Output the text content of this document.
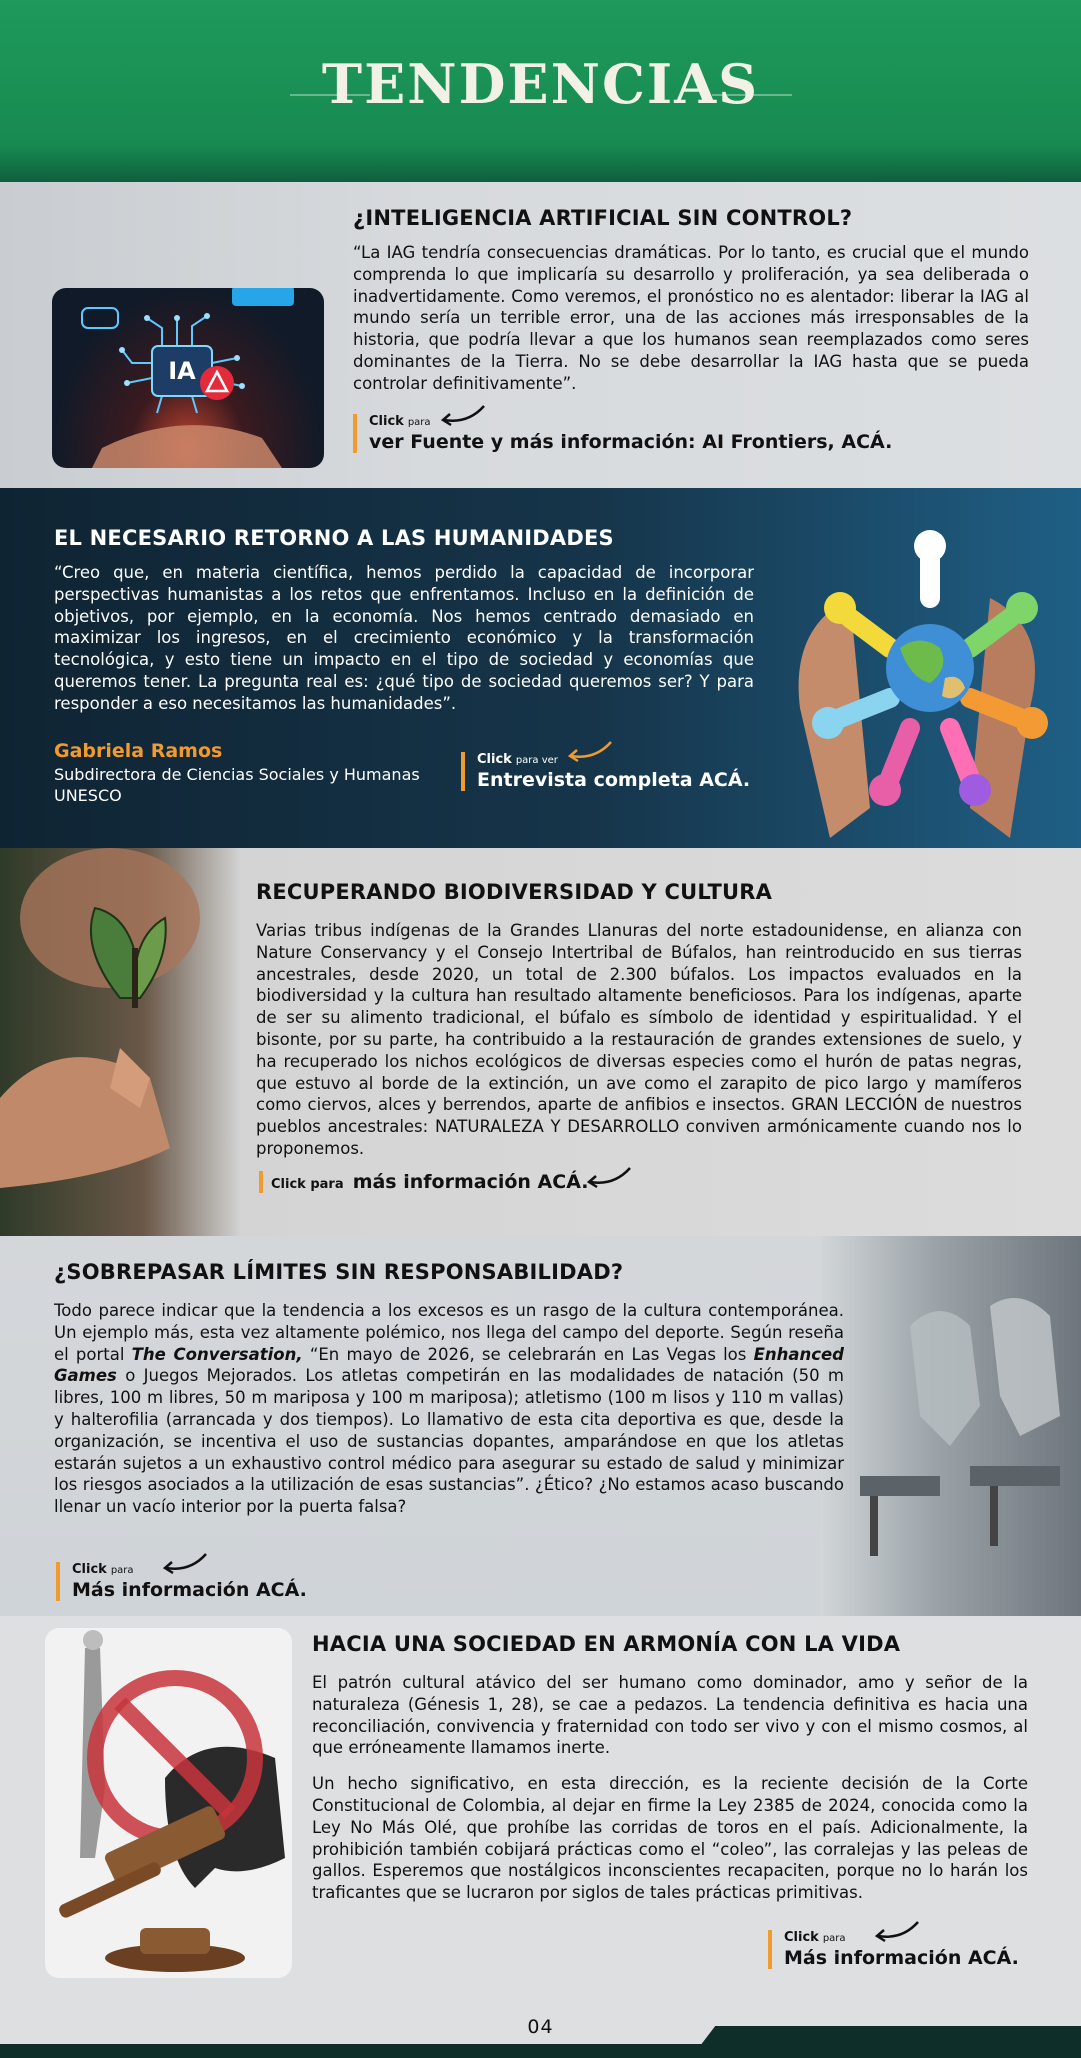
TENDENCIAS
IA
¿INTELIGENCIA ARTIFICIAL SIN CONTROL?

“La IAG tendría consecuencias dramáticas. Por lo tanto, es crucial que el mundo comprenda lo que implicaría su desarrollo y proliferación, ya sea deliberada o inadvertidamente. Como veremos, el pronóstico no es alentador: liberar la IAG al mundo sería un terrible error, una de las acciones más irresponsables de la historia, que podría llevar a que los humanos sean reemplazados como seres dominantes de la Tierra. No se debe desarrollar la IAG hasta que se pueda controlar definitivamente”.

Click para
ver Fuente y más información: AI Frontiers, ACÁ.
EL NECESARIO RETORNO A LAS HUMANIDADES

“Creo que, en materia científica, hemos perdido la capacidad de incorporar perspectivas humanistas a los retos que enfrentamos. Incluso en la definición de objetivos, por ejemplo, en la economía. Nos hemos centrado demasiado en maximizar los ingresos, en el crecimiento económico y la transformación tecnológica, y esto tiene un impacto en el tipo de sociedad y economías que queremos tener. La pregunta real es: ¿qué tipo de sociedad queremos ser? Y para responder a eso necesitamos las humanidades”.

Gabriela Ramos
Subdirectora de Ciencias Sociales y Humanas
UNESCO
Click para ver
Entrevista completa ACÁ.
RECUPERANDO BIODIVERSIDAD Y CULTURA

Varias tribus indígenas de la Grandes Llanuras del norte estadounidense, en alianza con Nature Conservancy y el Consejo Intertribal de Búfalos, han reintroducido en sus tierras ancestrales, desde 2020, un total de 2.300 búfalos. Los impactos evaluados en la biodiversidad y la cultura han resultado altamente beneficiosos. Para los indígenas, aparte de ser su alimento tradicional, el búfalo es símbolo de identidad y espiritualidad. Y el bisonte, por su parte, ha contribuido a la restauración de grandes extensiones de suelo, y ha recuperado los nichos ecológicos de diversas especies como el hurón de patas negras, que estuvo al borde de la extinción, un ave como el zarapito de pico largo y mamíferos como ciervos, alces y berrendos, aparte de anfibios e insectos. GRAN LECCIÓN de nuestros pueblos ancestrales: NATURALEZA Y DESARROLLO conviven armónicamente cuando nos lo proponemos.

Click para más información ACÁ.
¿SOBREPASAR LÍMITES SIN RESPONSABILIDAD?

Todo parece indicar que la tendencia a los excesos es un rasgo de la cultura contemporánea. Un ejemplo más, esta vez altamente polémico, nos llega del campo del deporte. Según reseña el portal The Conversation, “En mayo de 2026, se celebrarán en Las Vegas los Enhanced Games o Juegos Mejorados. Los atletas competirán en las modalidades de natación (50 m libres, 100 m libres, 50 m mariposa y 100 m mariposa); atletismo (100 m lisos y 110 m vallas) y halterofilia (arrancada y dos tiempos). Lo llamativo de esta cita deportiva es que, desde la organización, se incentiva el uso de sustancias dopantes, amparándose en que los atletas estarán sujetos a un exhaustivo control médico para asegurar su estado de salud y minimizar los riesgos asociados a la utilización de esas sustancias”. ¿Ético? ¿No estamos acaso buscando llenar un vacío interior por la puerta falsa?

Click para
Más información ACÁ.
HACIA UNA SOCIEDAD EN ARMONÍA CON LA VIDA

El patrón cultural atávico del ser humano como dominador, amo y señor de la naturaleza (Génesis 1, 28), se cae a pedazos. La tendencia definitiva es hacia una reconciliación, convivencia y fraternidad con todo ser vivo y con el mismo cosmos, al que erróneamente llamamos inerte.

Un hecho significativo, en esta dirección, es la reciente decisión de la Corte Constitucional de Colombia, al dejar en firme la Ley 2385 de 2024, conocida como la Ley No Más Olé, que prohíbe las corridas de toros en el país. Adicionalmente, la prohibición también cobijará prácticas como el “coleo”, las corralejas y las peleas de gallos. Esperemos que nostálgicos inconscientes recapaciten, porque no lo harán los traficantes que se lucraron por siglos de tales prácticas primitivas.

Click para
Más información ACÁ.
04
